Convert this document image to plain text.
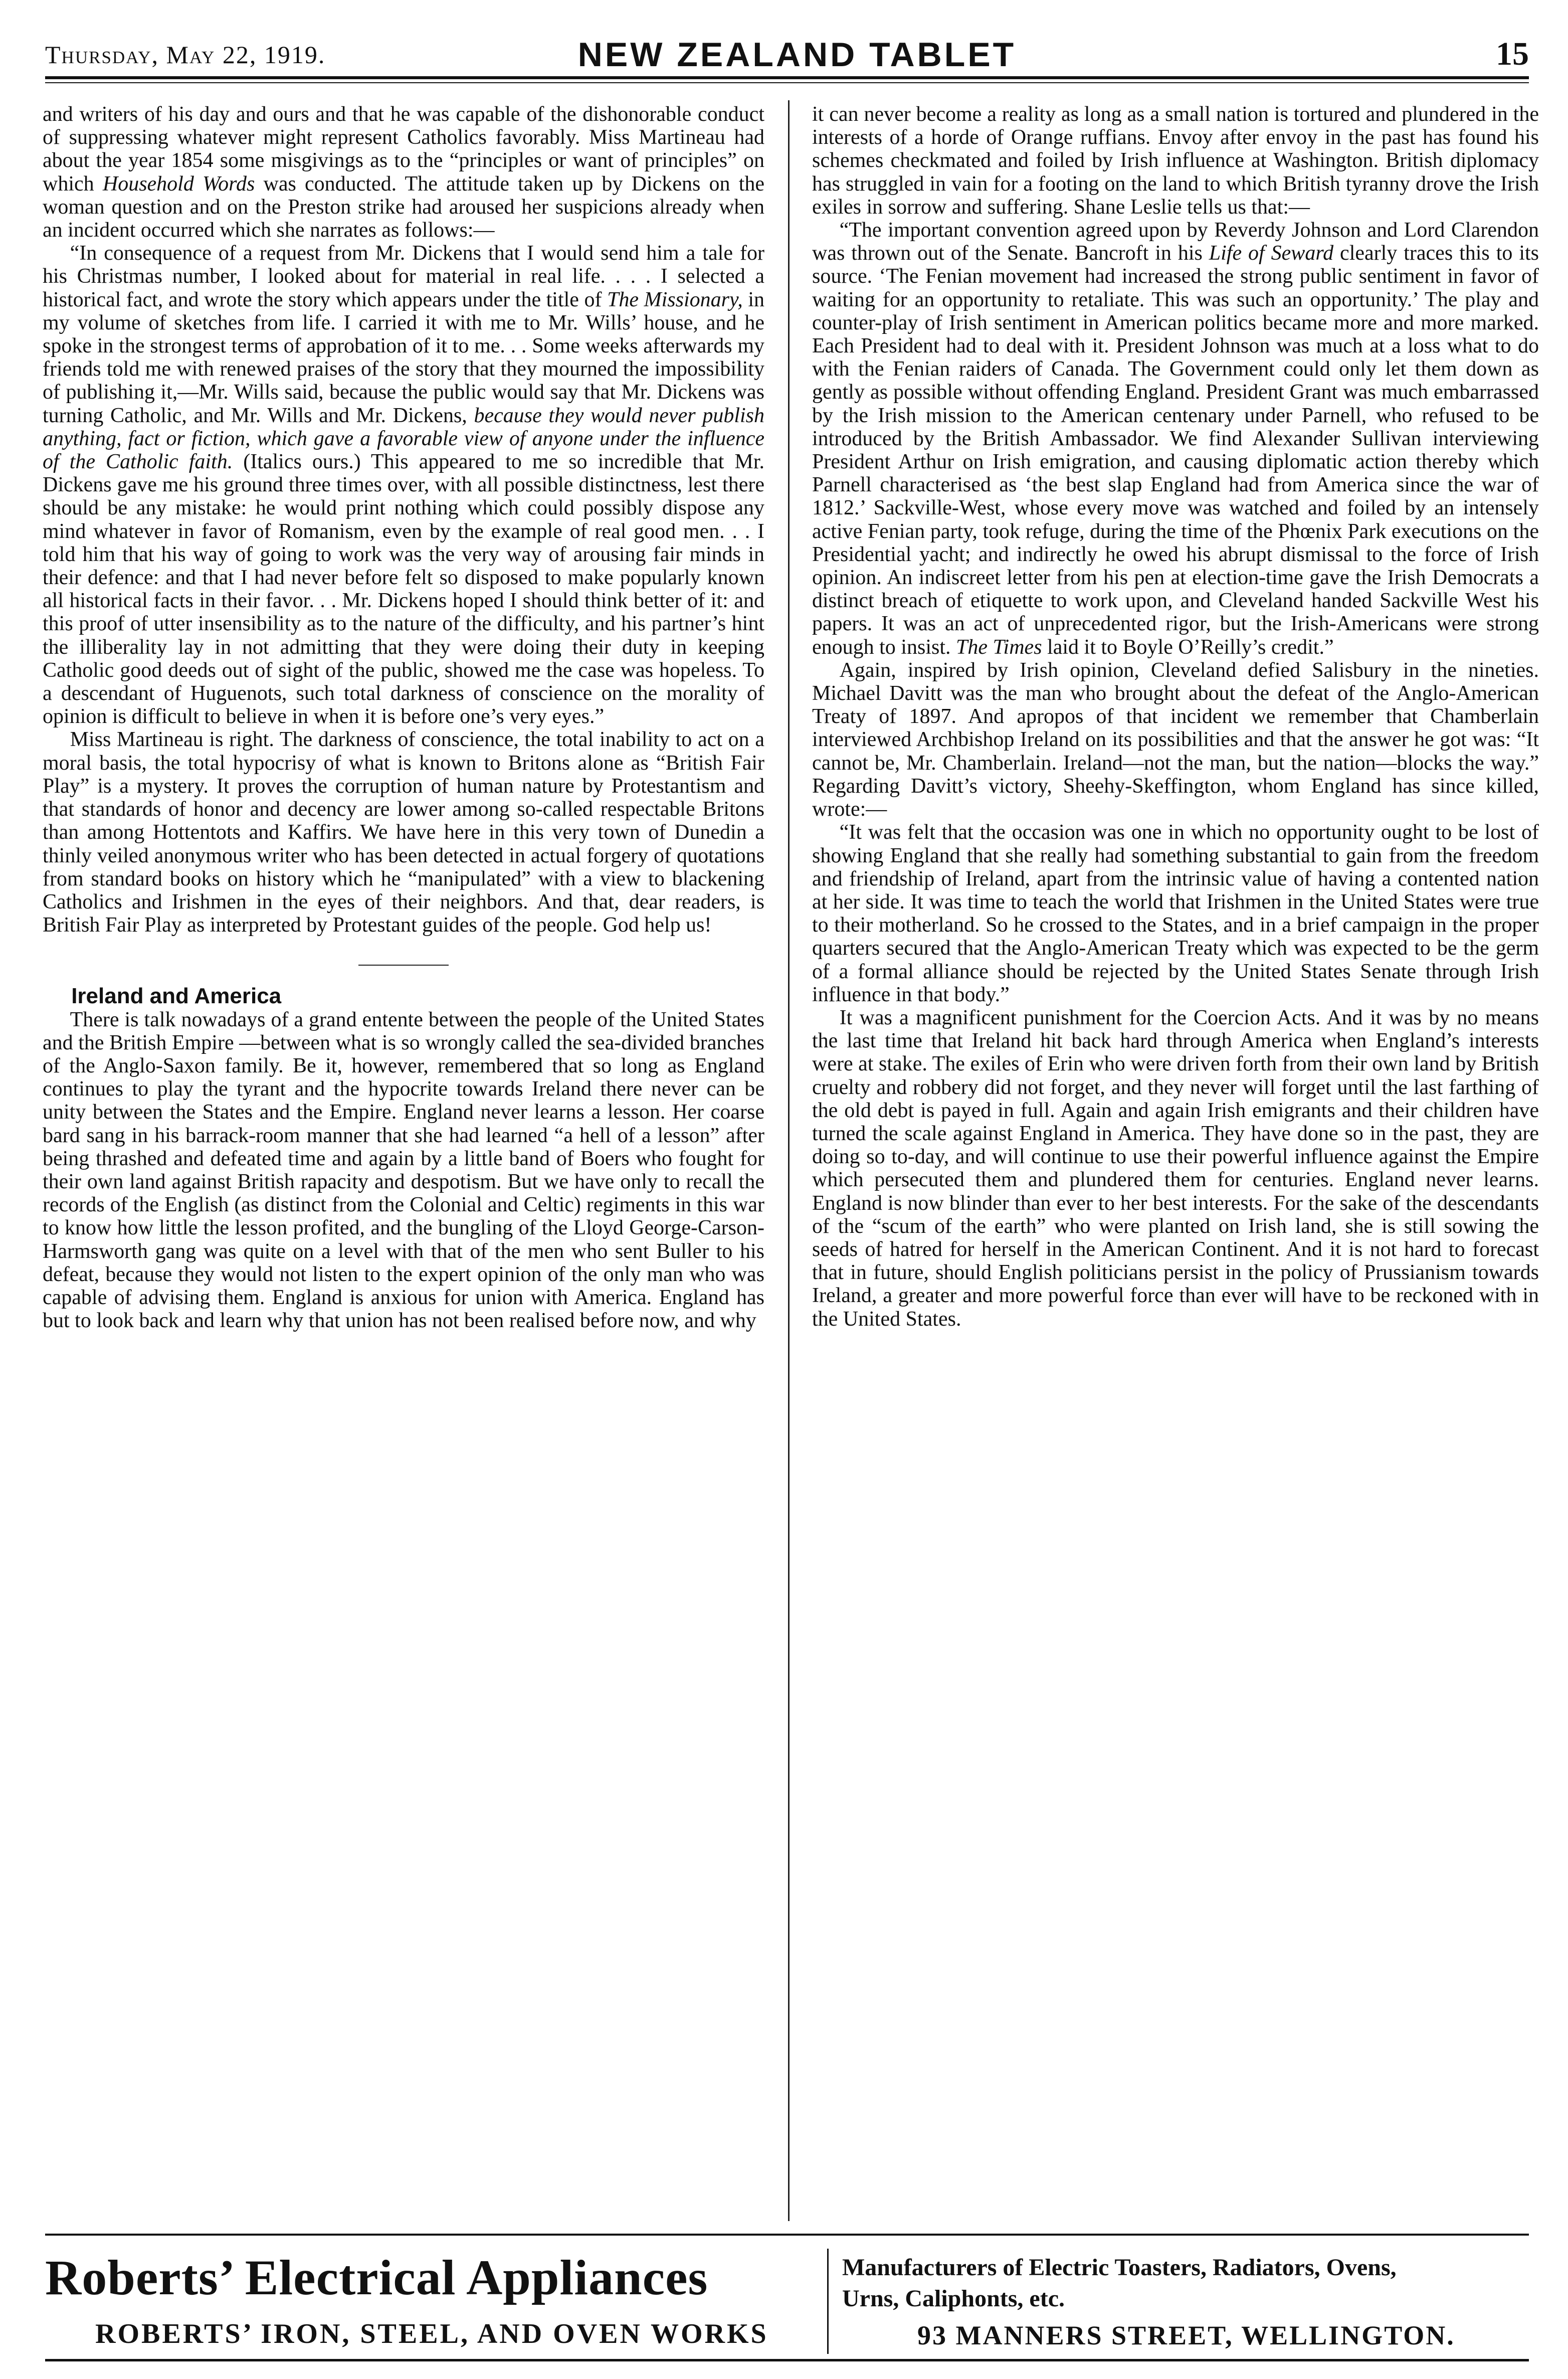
Thursday, May 22, 1919.	NEW ZEALAND TABLET	15

and writers of his day and ours and that he was capable of the dishonorable conduct of suppressing whatever might represent Catholics favorably. Miss Martineau had about the year 1854 some misgivings as to the “principles or want of principles” on which Household Words was conducted. The attitude taken up by Dickens on the woman question and on the Preston strike had aroused her suspicions already when an incident occurred which she narrates as follows:—

“In consequence of a request from Mr. Dickens that I would send him a tale for his Christmas number, I looked about for material in real life. . . . I selected a historical fact, and wrote the story which appears under the title of The Missionary, in my volume of sketches from life. I carried it with me to Mr. Wills’ house, and he spoke in the strongest terms of approbation of it to me. . . Some weeks afterwards my friends told me with renewed praises of the story that they mourned the impossibility of publishing it,—Mr. Wills said, because the public would say that Mr. Dickens was turning Catholic, and Mr. Wills and Mr. Dickens, because they would never publish anything, fact or fiction, which gave a favorable view of anyone under the influence of the Catholic faith. (Italics ours.) This appeared to me so incredible that Mr. Dickens gave me his ground three times over, with all possible distinctness, lest there should be any mistake: he would print nothing which could possibly dispose any mind whatever in favor of Romanism, even by the example of real good men. . . I told him that his way of going to work was the very way of arousing fair minds in their defence: and that I had never before felt so disposed to make popularly known all historical facts in their favor. . . Mr. Dickens hoped I should think better of it: and this proof of utter insensibility as to the nature of the difficulty, and his partner’s hint the illiberality lay in not admitting that they were doing their duty in keeping Catholic good deeds out of sight of the public, showed me the case was hopeless. To a descendant of Huguenots, such total darkness of conscience on the morality of opinion is difficult to believe in when it is before one’s very eyes.”

Miss Martineau is right. The darkness of conscience, the total inability to act on a moral basis, the total hypocrisy of what is known to Britons alone as “British Fair Play” is a mystery. It proves the corruption of human nature by Protestantism and that standards of honor and decency are lower among so-called respectable Britons than among Hottentots and Kaffirs. We have here in this very town of Dunedin a thinly veiled anonymous writer who has been detected in actual forgery of quotations from standard books on history which he “manipulated” with a view to blackening Catholics and Irishmen in the eyes of their neighbors. And that, dear readers, is British Fair Play as interpreted by Protestant guides of the people. God help us!

Ireland and America

There is talk nowadays of a grand entente between the people of the United States and the British Empire —between what is so wrongly called the sea-divided branches of the Anglo-Saxon family. Be it, however, remembered that so long as England continues to play the tyrant and the hypocrite towards Ireland there never can be unity between the States and the Empire. England never learns a lesson. Her coarse bard sang in his barrack-room manner that she had learned “a hell of a lesson” after being thrashed and defeated time and again by a little band of Boers who fought for their own land against British rapacity and despotism. But we have only to recall the records of the English (as distinct from the Colonial and Celtic) regiments in this war to know how little the lesson profited, and the bungling of the Lloyd George-Carson-Harmsworth gang was quite on a level with that of the men who sent Buller to his defeat, because they would not listen to the expert opinion of the only man who was capable of advising them. England is anxious for union with America. England has but to look back and learn why that union has not been realised before now, and why

it can never become a reality as long as a small nation is tortured and plundered in the interests of a horde of Orange ruffians. Envoy after envoy in the past has found his schemes checkmated and foiled by Irish influence at Washington. British diplomacy has struggled in vain for a footing on the land to which British tyranny drove the Irish exiles in sorrow and suffering. Shane Leslie tells us that:—

“The important convention agreed upon by Reverdy Johnson and Lord Clarendon was thrown out of the Senate. Bancroft in his Life of Seward clearly traces this to its source. ‘The Fenian movement had increased the strong public sentiment in favor of waiting for an opportunity to retaliate. This was such an opportunity.’ The play and counter-play of Irish sentiment in American politics became more and more marked. Each President had to deal with it. President Johnson was much at a loss what to do with the Fenian raiders of Canada. The Government could only let them down as gently as possible without offending England. President Grant was much embarrassed by the Irish mission to the American centenary under Parnell, who refused to be introduced by the British Ambassador. We find Alexander Sullivan interviewing President Arthur on Irish emigration, and causing diplomatic action thereby which Parnell characterised as ‘the best slap England had from America since the war of 1812.’ Sackville-West, whose every move was watched and foiled by an intensely active Fenian party, took refuge, during the time of the Phœnix Park executions on the Presidential yacht; and indirectly he owed his abrupt dismissal to the force of Irish opinion. An indiscreet letter from his pen at election-time gave the Irish Democrats a distinct breach of etiquette to work upon, and Cleveland handed Sackville West his papers. It was an act of unprecedented rigor, but the Irish-Americans were strong enough to insist. The Times laid it to Boyle O’Reilly’s credit.”

Again, inspired by Irish opinion, Cleveland defied Salisbury in the nineties. Michael Davitt was the man who brought about the defeat of the Anglo-American Treaty of 1897. And apropos of that incident we remember that Chamberlain interviewed Archbishop Ireland on its possibilities and that the answer he got was: “It cannot be, Mr. Chamberlain. Ireland—not the man, but the nation—blocks the way.” Regarding Davitt’s victory, Sheehy-Skeffington, whom England has since killed, wrote:—

“It was felt that the occasion was one in which no opportunity ought to be lost of showing England that she really had something substantial to gain from the freedom and friendship of Ireland, apart from the intrinsic value of having a contented nation at her side. It was time to teach the world that Irishmen in the United States were true to their motherland. So he crossed to the States, and in a brief campaign in the proper quarters secured that the Anglo-American Treaty which was expected to be the germ of a formal alliance should be rejected by the United States Senate through Irish influence in that body.”

It was a magnificent punishment for the Coercion Acts. And it was by no means the last time that Ireland hit back hard through America when England’s interests were at stake. The exiles of Erin who were driven forth from their own land by British cruelty and robbery did not forget, and they never will forget until the last farthing of the old debt is payed in full. Again and again Irish emigrants and their children have turned the scale against England in America. They have done so in the past, they are doing so to-day, and will continue to use their powerful influence against the Empire which persecuted them and plundered them for centuries. England never learns. England is now blinder than ever to her best interests. For the sake of the descendants of the “scum of the earth” who were planted on Irish land, she is still sowing the seeds of hatred for herself in the American Continent. And it is not hard to forecast that in future, should English politicians persist in the policy of Prussianism towards Ireland, a greater and more powerful force than ever will have to be reckoned with in the United States.

Roberts’ Electrical Appliances
ROBERTS’ IRON, STEEL, AND OVEN WORKS
Manufacturers of Electric Toasters, Radiators, Ovens,
Urns, Caliphonts, etc.
93 MANNERS STREET, WELLINGTON.
